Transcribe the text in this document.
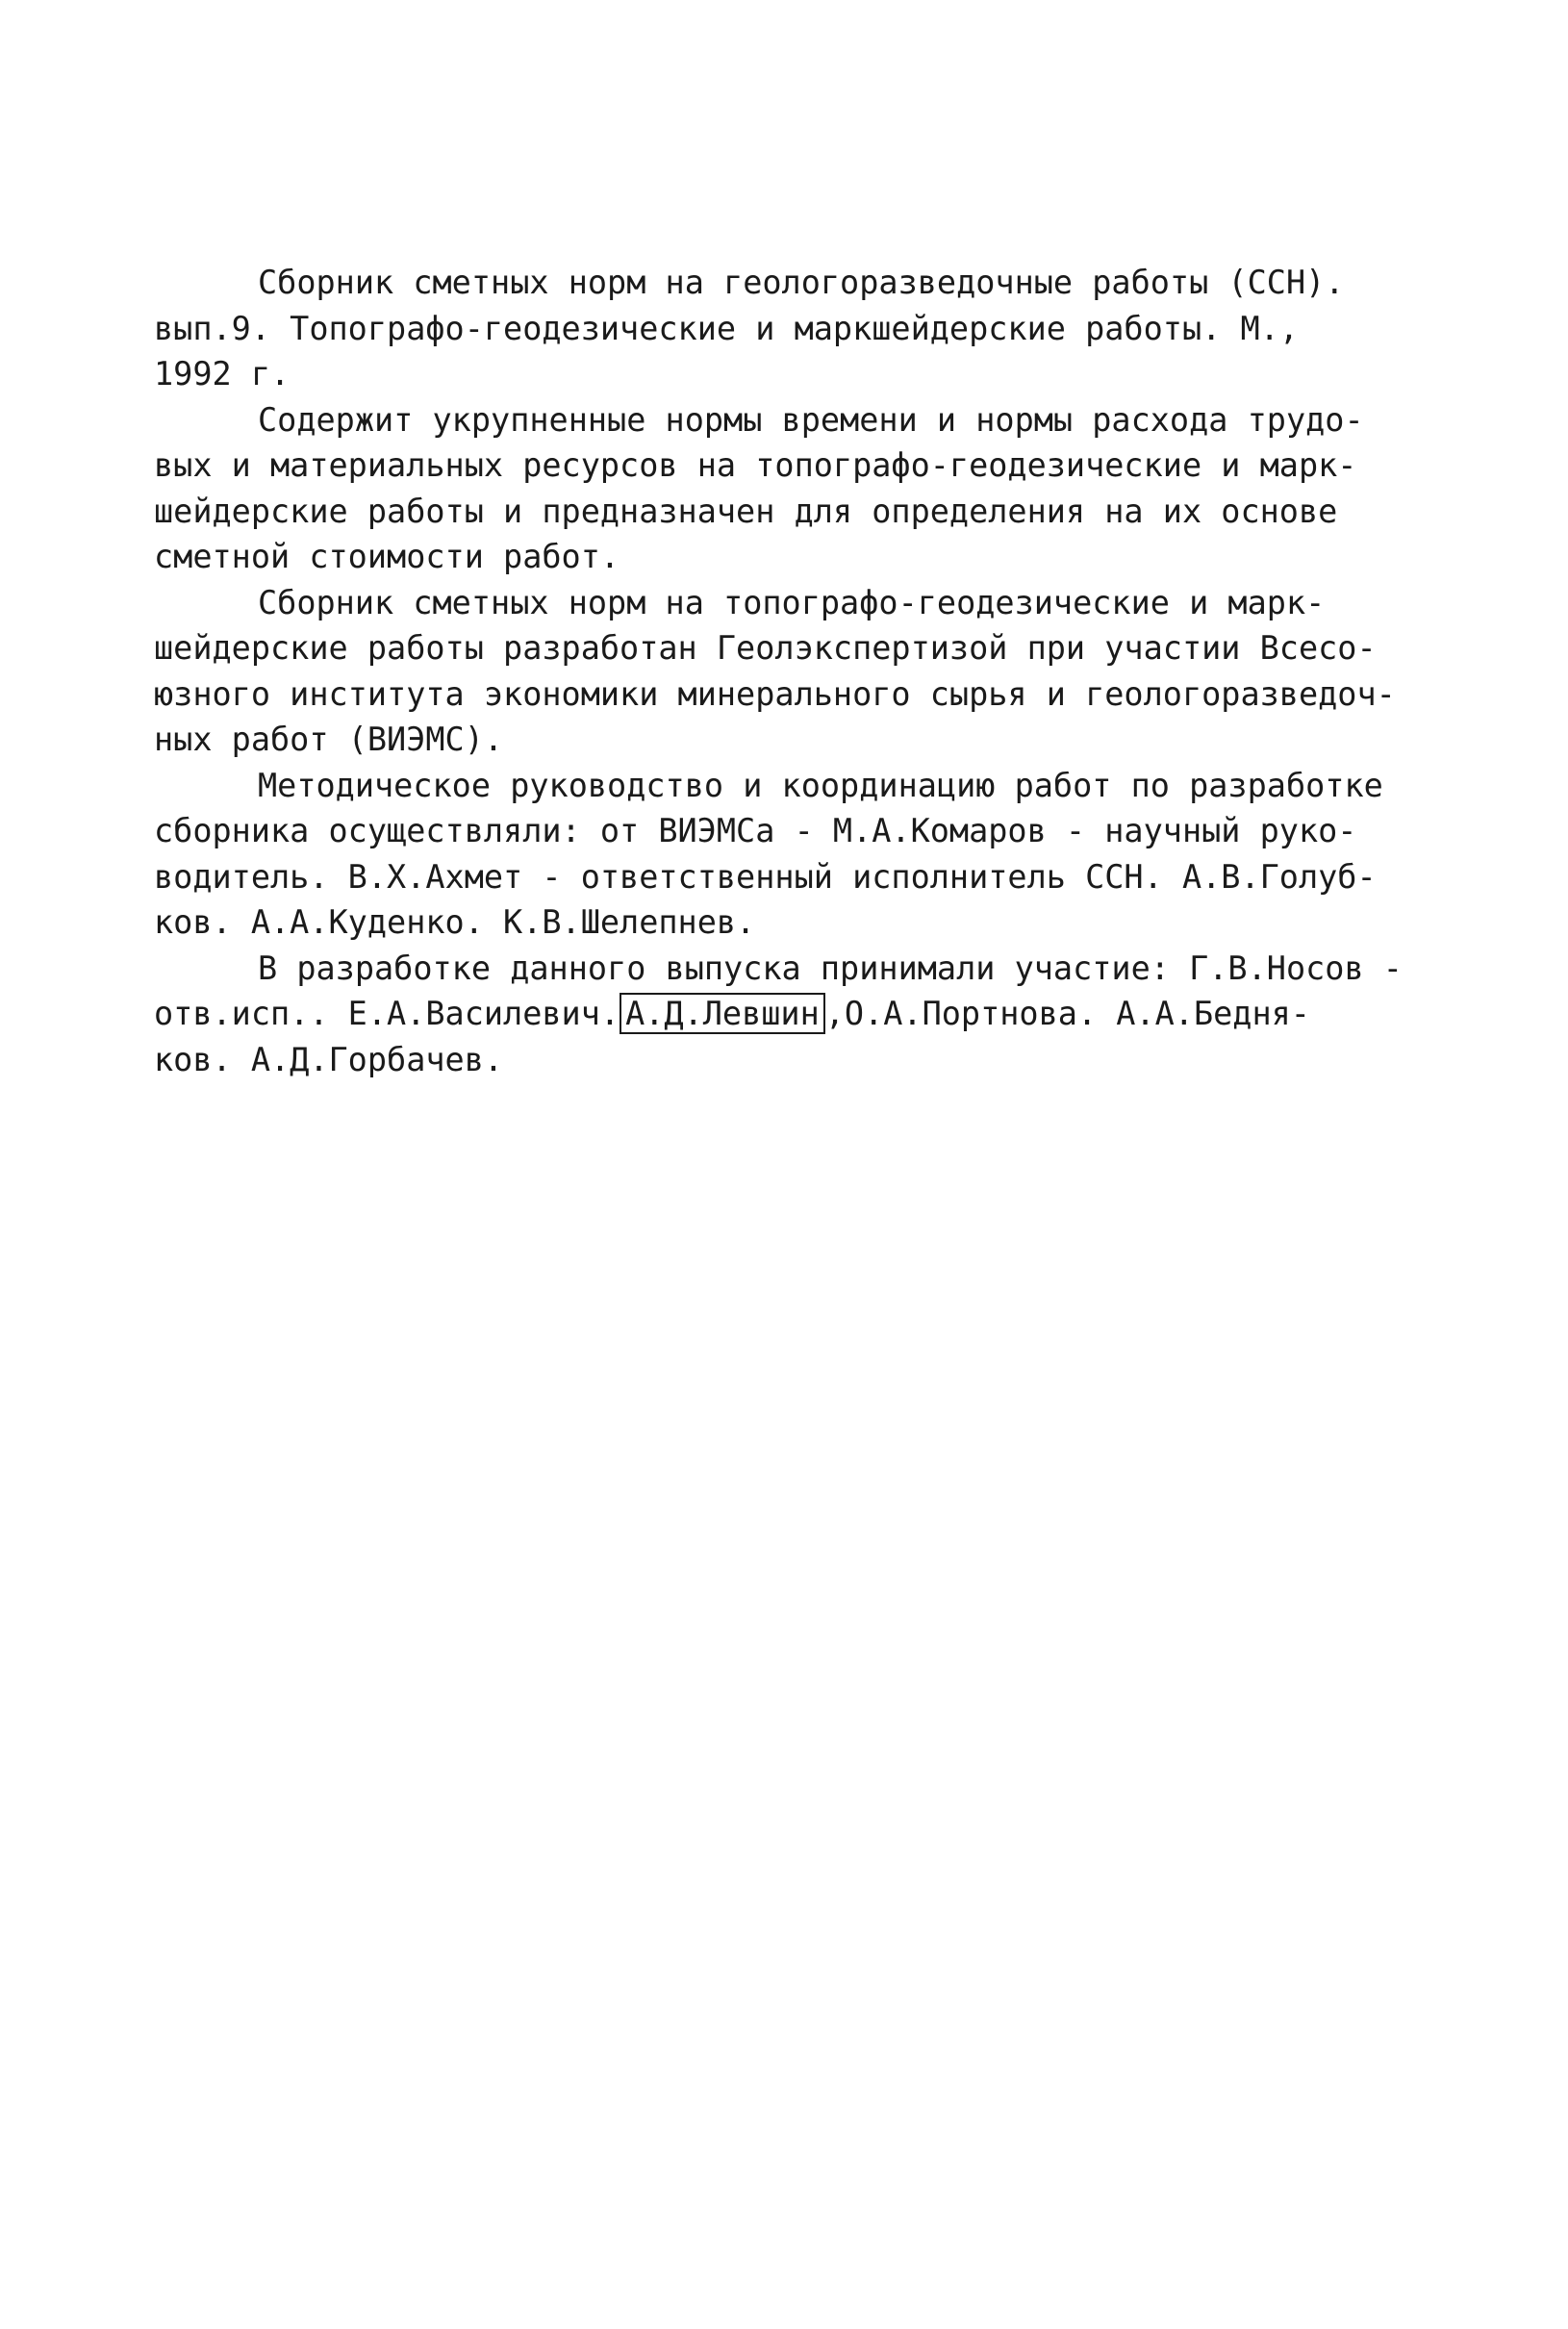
Сборник сметных норм на геологоразведочные работы (ССН).
вып.9. Топографо-геодезические и маркшейдерские работы. М.,
1992 г.
Содержит укрупненные нормы времени и нормы расхода трудо-
вых и материальных ресурсов на топографо-геодезические и марк-
шейдерские работы и предназначен для определения на их основе
сметной стоимости работ.
Сборник сметных норм на топографо-геодезические и марк-
шейдерские работы разработан Геолэкспертизой при участии Всесо-
юзного института экономики минерального сырья и геологоразведоч-
ных работ (ВИЭМС).
Методическое руководство и координацию работ по разработке
сборника осуществляли: от ВИЭМСа - М.А.Комаров - научный руко-
водитель. В.Х.Ахмет - ответственный исполнитель ССН. А.В.Голуб-
ков. А.А.Куденко. К.В.Шелепнев.
В разработке данного выпуска принимали участие: Г.В.Носов -
отв.исп.. Е.А.Василевич. А.Д.Левшин ,О.А.Портнова. А.А.Бедня-
ков. А.Д.Горбачев.
